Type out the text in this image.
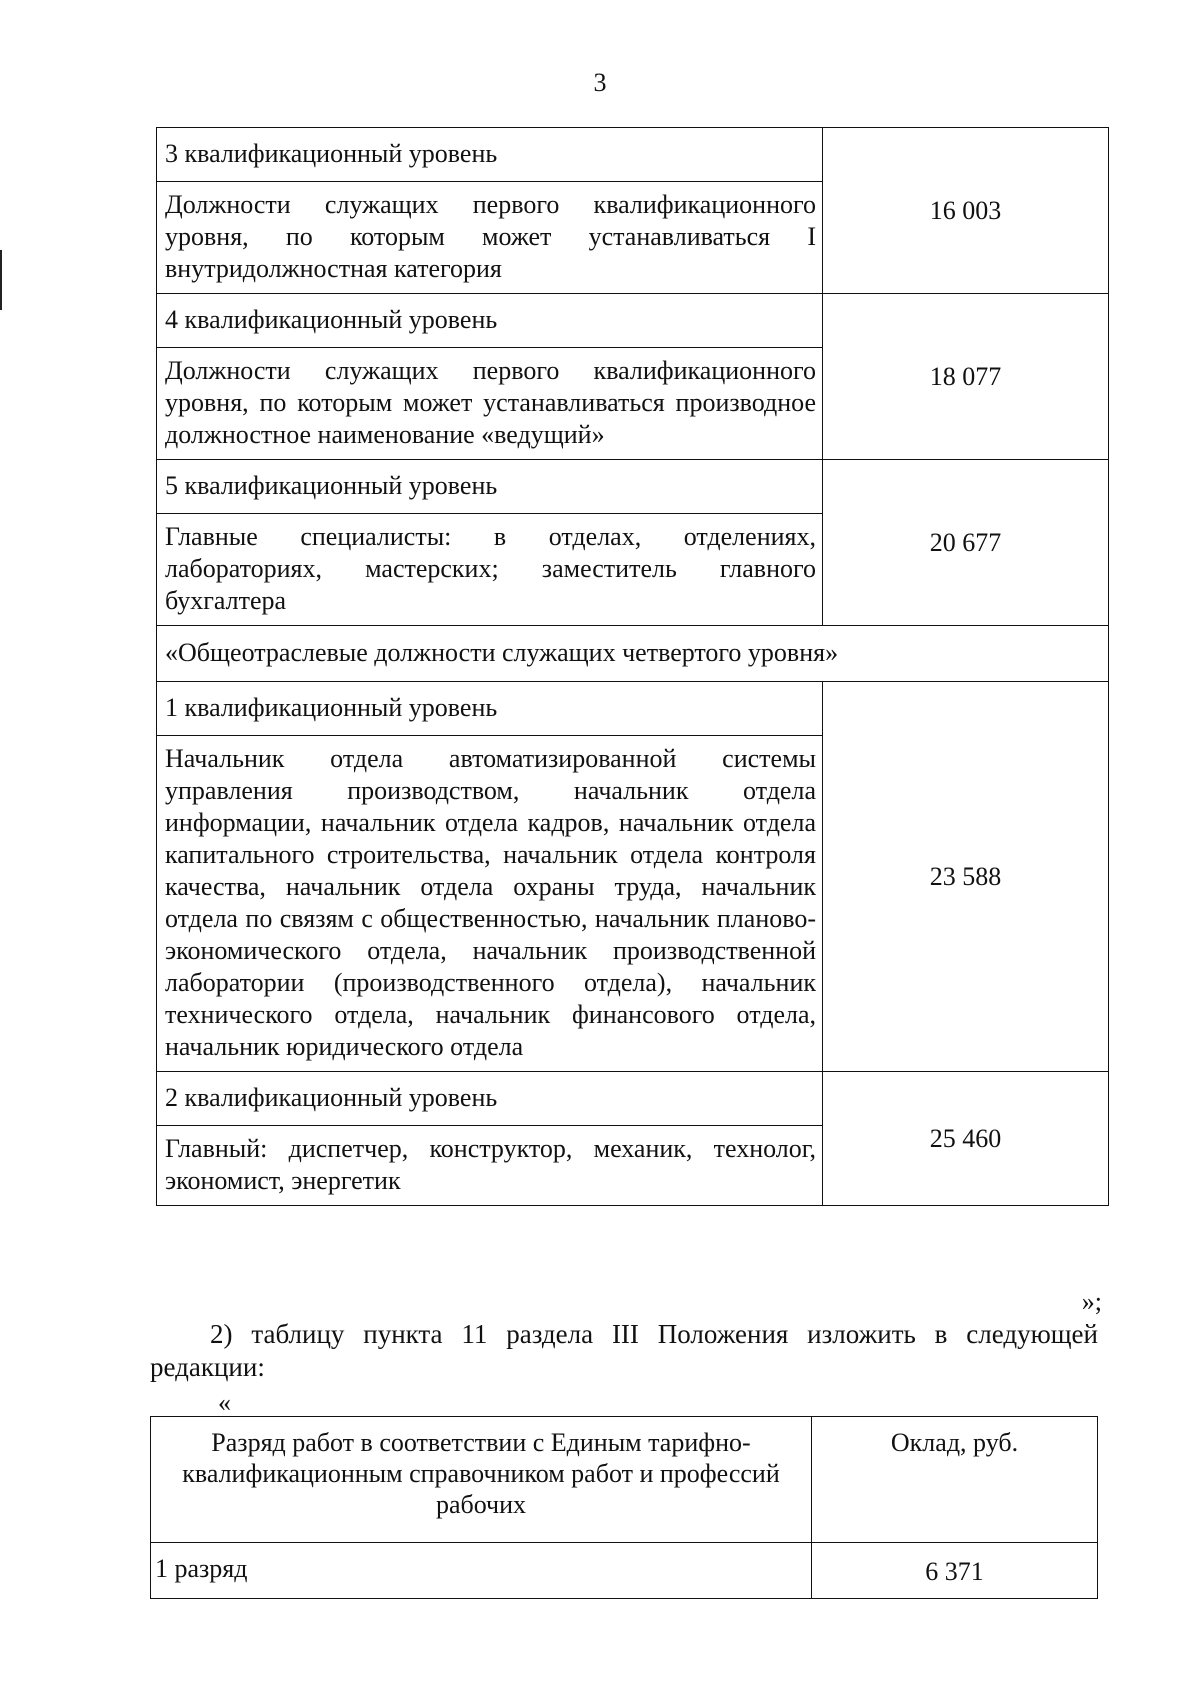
3
3 квалификационный уровень	16 003
Должности служащих первого квалификационного уровня, по которым может устанавливаться I внутридолжностная категория	
4 квалификационный уровень	18 077
Должности служащих первого квалификационного уровня, по которым может устанавливаться производное должностное наименование «ведущий»	
5 квалификационный уровень	20 677
Главные специалисты: в отделах, отделениях, лабораториях, мастерских; заместитель главного бухгалтера	
«Общеотраслевые должности служащих четвертого уровня»	
1 квалификационный уровень	23 588
Начальник отдела автоматизированной системы управления производством, начальник отдела информации, начальник отдела кадров, начальник отдела капитального строительства, начальник отдела контроля качества, начальник отдела охраны труда, начальник отдела по связям с общественностью, начальник планово-экономического отдела, начальник производственной лаборатории (производственного отдела), начальник технического отдела, начальник финансового отдела, начальник юридического отдела	
2 квалификационный уровень	25 460
Главный: диспетчер, конструктор, механик, технолог, экономист, энергетик	
»;
2) таблицу пункта 11 раздела III Положения изложить в следующей редакции:
«
Разряд работ в соответствии с Единым тарифно-квалификационным справочником работ и профессий рабочих	Оклад, руб.
1 разряд	6 371
